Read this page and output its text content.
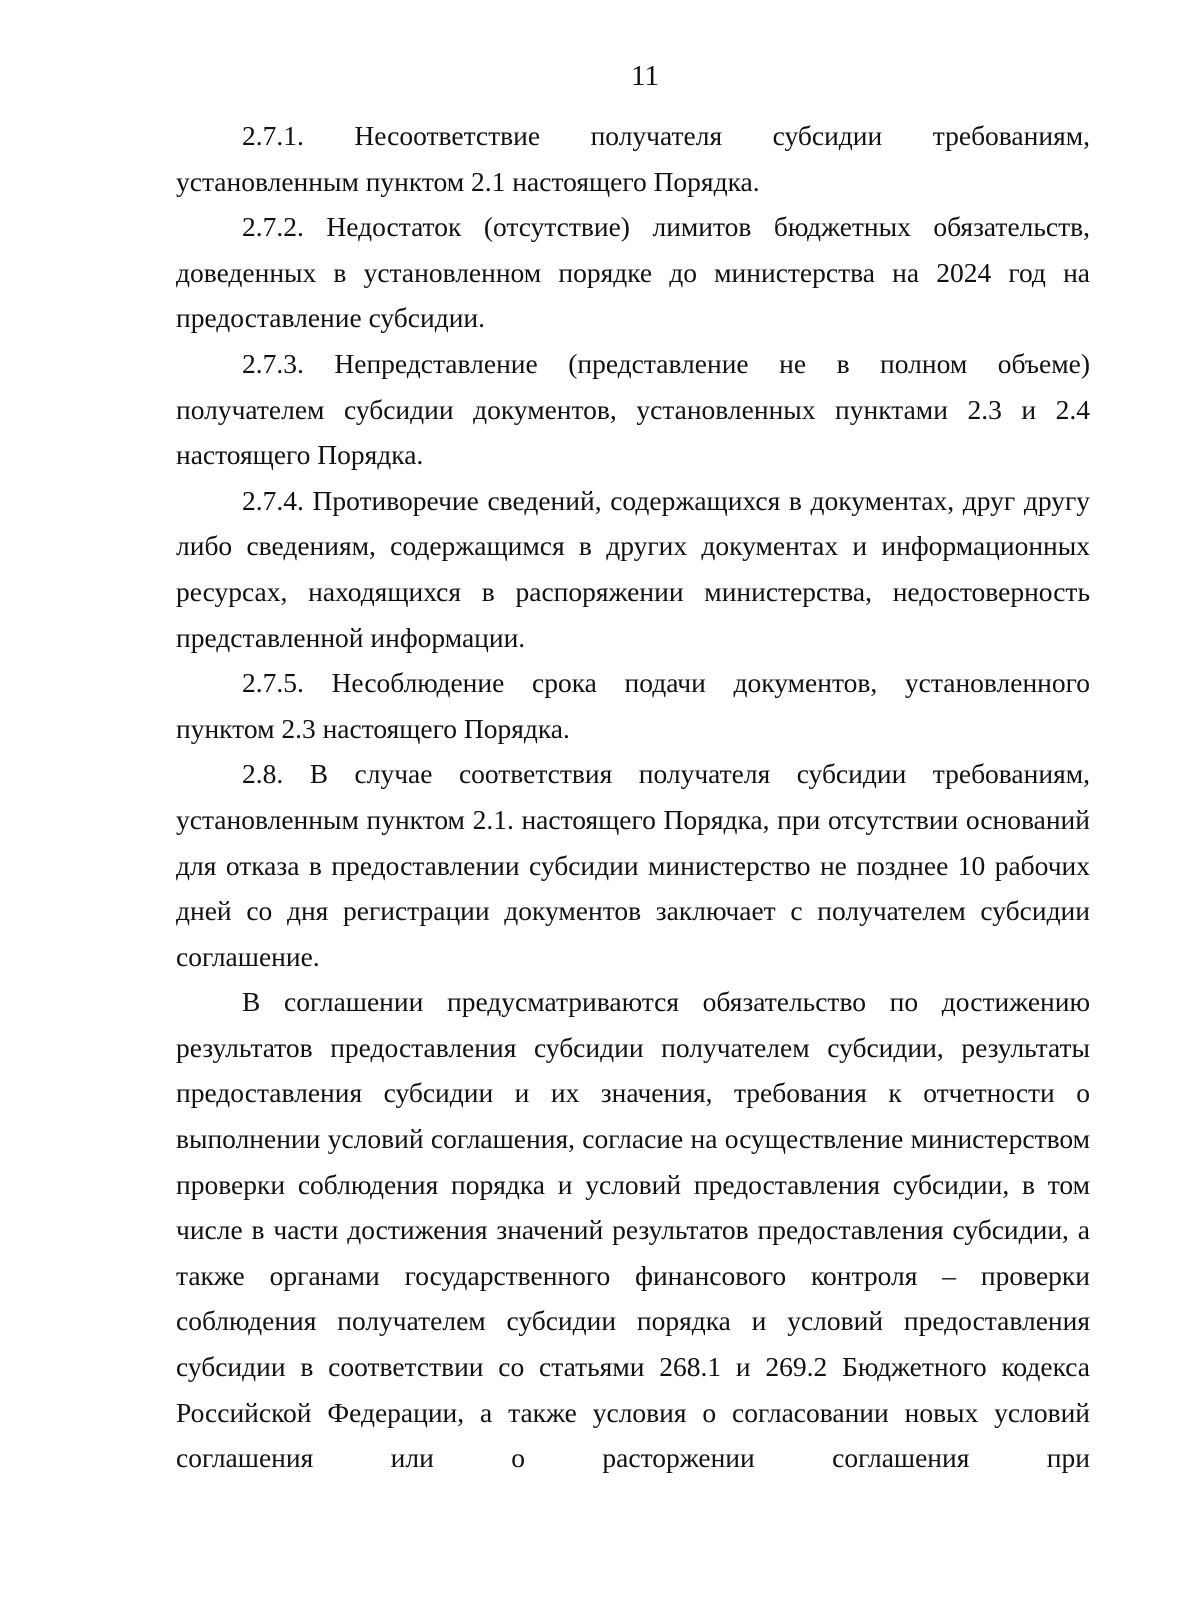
11

2.7.1. Несоответствие получателя субсидии требованиям, установленным пунктом 2.1 настоящего Порядка.

2.7.2. Недостаток (отсутствие) лимитов бюджетных обязательств, доведенных в установленном порядке до министерства на 2024 год на предоставление субсидии.

2.7.3. Непредставление (представление не в полном объеме) получателем субсидии документов, установленных пунктами 2.3 и 2.4 настоящего Порядка.

2.7.4. Противоречие сведений, содержащихся в документах, друг другу либо сведениям, содержащимся в других документах и информационных ресурсах, находящихся в распоряжении министерства, недостоверность представленной информации.

2.7.5. Несоблюдение срока подачи документов, установленного пунктом 2.3 настоящего Порядка.

2.8. В случае соответствия получателя субсидии требованиям, установленным пунктом 2.1. настоящего Порядка, при отсутствии оснований для отказа в предоставлении субсидии министерство не позднее 10 рабочих дней со дня регистрации документов заключает с получателем субсидии соглашение.

В соглашении предусматриваются обязательство по достижению результатов предоставления субсидии получателем субсидии, результаты предоставления субсидии и их значения, требования к отчетности о выполнении условий соглашения, согласие на осуществление министерством проверки соблюдения порядка и условий предоставления субсидии, в том числе в части достижения значений результатов предоставления субсидии, а также органами государственного финансового контроля – проверки соблюдения получателем субсидии порядка и условий предоставления субсидии в соответствии со статьями 268.1 и 269.2 Бюджетного кодекса Российской Федерации, а также условия о согласовании новых условий соглашения или о расторжении соглашения при
